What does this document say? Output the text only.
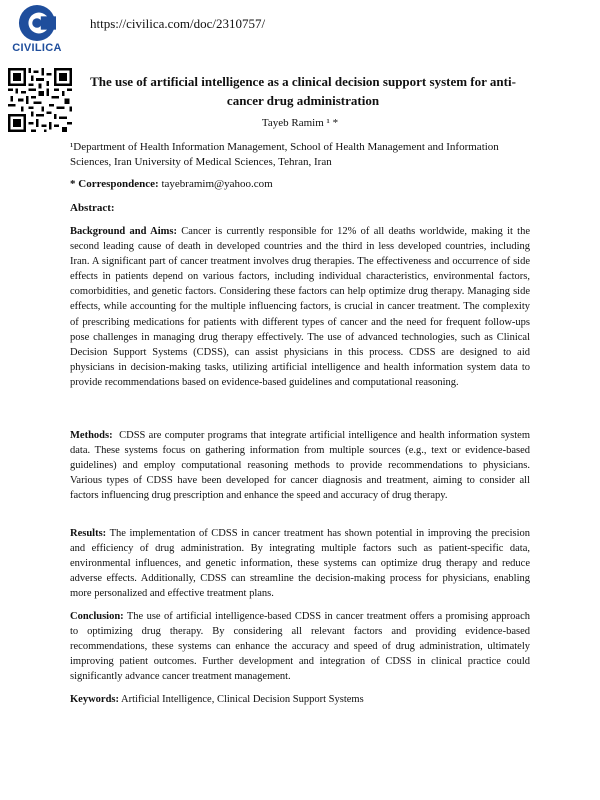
CIVILICA
https://civilica.com/doc/2310757/
The use of artificial intelligence as a clinical decision support system for anti-cancer drug administration
Tayeb Ramim ¹ *
¹Department of Health Information Management, School of Health Management and Information Sciences, Iran University of Medical Sciences, Tehran, Iran
* Correspondence: tayebramim@yahoo.com
Abstract:
Background and Aims: Cancer is currently responsible for 12% of all deaths worldwide, making it the second leading cause of death in developed countries and the third in less developed countries, including Iran. A significant part of cancer treatment involves drug therapies. The effectiveness and occurrence of side effects in patients depend on various factors, including individual characteristics, environmental factors, comorbidities, and genetic factors. Considering these factors can help optimize drug therapy. Managing side effects, while accounting for the multiple influencing factors, is crucial in cancer treatment. The complexity of prescribing medications for patients with different types of cancer and the need for frequent follow-ups pose challenges in managing drug therapy effectively. The use of advanced technologies, such as Clinical Decision Support Systems (CDSS), can assist physicians in this process. CDSS are designed to aid physicians in decision-making tasks, utilizing artificial intelligence and health information system data to provide recommendations based on evidence-based guidelines and computational reasoning.
Methods:  CDSS are computer programs that integrate artificial intelligence and health information system data. These systems focus on gathering information from multiple sources (e.g., text or evidence-based guidelines) and employ computational reasoning methods to provide recommendations to physicians. Various types of CDSS have been developed for cancer diagnosis and treatment, aiming to consider all factors influencing drug prescription and enhance the speed and accuracy of drug therapy.
Results: The implementation of CDSS in cancer treatment has shown potential in improving the precision and efficiency of drug administration. By integrating multiple factors such as patient-specific data, environmental influences, and genetic information, these systems can optimize drug therapy and reduce adverse effects. Additionally, CDSS can streamline the decision-making process for physicians, enabling more personalized and effective treatment plans.
Conclusion: The use of artificial intelligence-based CDSS in cancer treatment offers a promising approach to optimizing drug therapy. By considering all relevant factors and providing evidence-based recommendations, these systems can enhance the accuracy and speed of drug administration, ultimately improving patient outcomes. Further development and integration of CDSS in clinical practice could significantly advance cancer treatment management.
Keywords: Artificial Intelligence, Clinical Decision Support Systems
